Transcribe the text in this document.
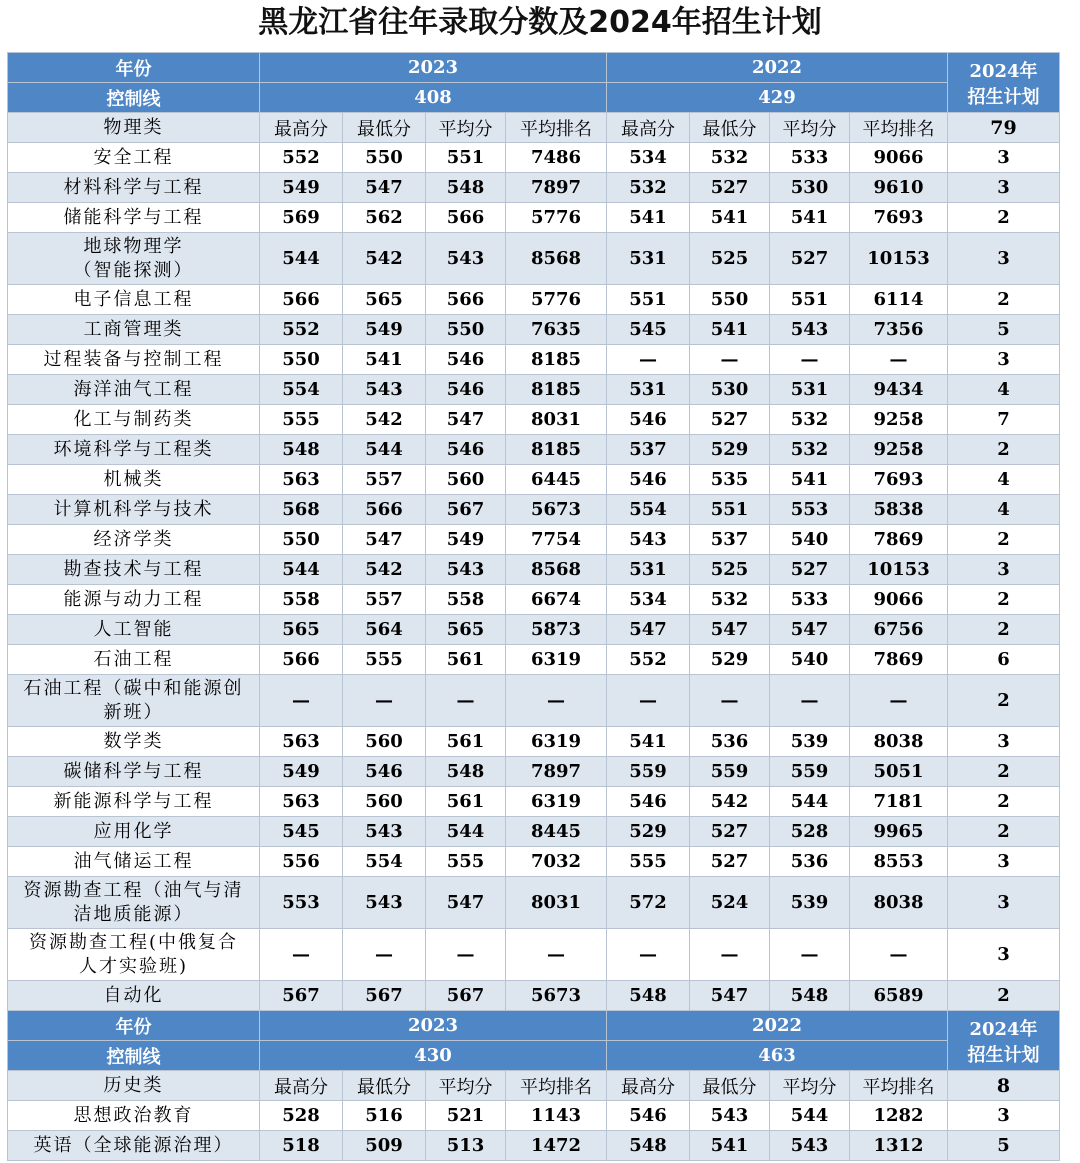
黑龙江省往年录取分数及2024年招生计划
年份	2023				2022				2024年
招生计划
控制线	408				429				
物理类	最高分	最低分	平均分	平均排名	最高分	最低分	平均分	平均排名	79
安全工程	552	550	551	7486	534	532	533	9066	3
材料科学与工程	549	547	548	7897	532	527	530	9610	3
储能科学与工程	569	562	566	5776	541	541	541	7693	2
地球物理学
（智能探测）	544	542	543	8568	531	525	527	10153	3
电子信息工程	566	565	566	5776	551	550	551	6114	2
工商管理类	552	549	550	7635	545	541	543	7356	5
过程装备与控制工程	550	541	546	8185	—	—	—	—	3
海洋油气工程	554	543	546	8185	531	530	531	9434	4
化工与制药类	555	542	547	8031	546	527	532	9258	7
环境科学与工程类	548	544	546	8185	537	529	532	9258	2
机械类	563	557	560	6445	546	535	541	7693	4
计算机科学与技术	568	566	567	5673	554	551	553	5838	4
经济学类	550	547	549	7754	543	537	540	7869	2
勘查技术与工程	544	542	543	8568	531	525	527	10153	3
能源与动力工程	558	557	558	6674	534	532	533	9066	2
人工智能	565	564	565	5873	547	547	547	6756	2
石油工程	566	555	561	6319	552	529	540	7869	6
石油工程（碳中和能源创
新班）	—	—	—	—	—	—	—	—	2
数学类	563	560	561	6319	541	536	539	8038	3
碳储科学与工程	549	546	548	7897	559	559	559	5051	2
新能源科学与工程	563	560	561	6319	546	542	544	7181	2
应用化学	545	543	544	8445	529	527	528	9965	2
油气储运工程	556	554	555	7032	555	527	536	8553	3
资源勘查工程（油气与清
洁地质能源）	553	543	547	8031	572	524	539	8038	3
资源勘查工程(中俄复合
人才实验班)	—	—	—	—	—	—	—	—	3
自动化	567	567	567	5673	548	547	548	6589	2
年份	2023				2022				2024年
招生计划
控制线	430				463				
历史类	最高分	最低分	平均分	平均排名	最高分	最低分	平均分	平均排名	8
思想政治教育	528	516	521	1143	546	543	544	1282	3
英语（全球能源治理）	518	509	513	1472	548	541	543	1312	5
